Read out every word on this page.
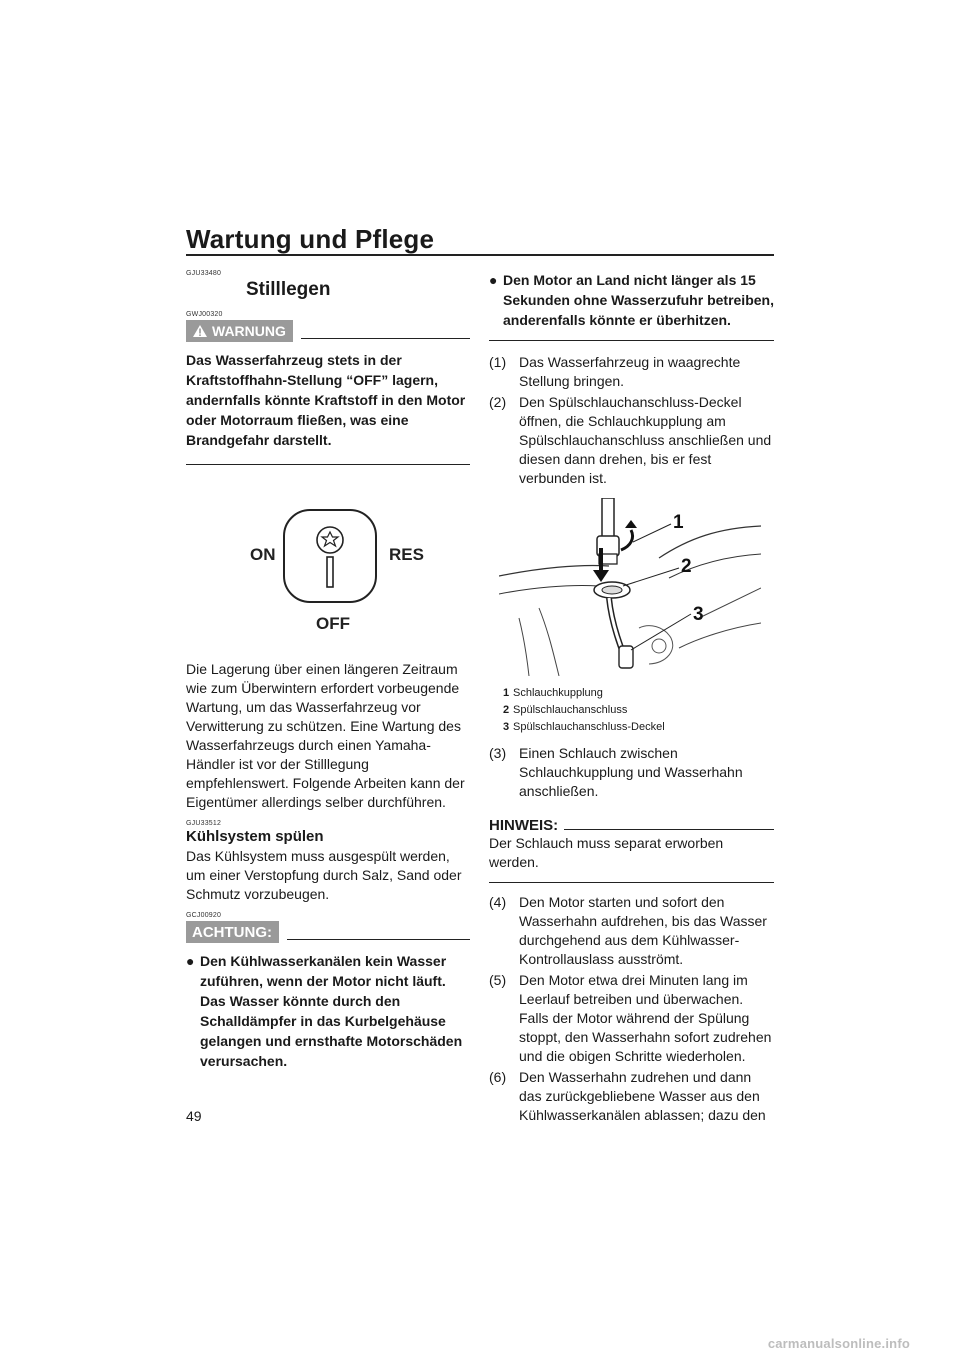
Wartung und Pflege
GJU33480
Stilllegen
GWJ00320
WARNUNG

Das Wasserfahrzeug stets in der Kraftstoffhahn-Stellung “OFF” lagern, andernfalls könnte Kraftstoff in den Motor oder Motorraum fließen, was eine Brandgefahr darstellt.

ON	RES
OFF

Die Lagerung über einen längeren Zeitraum wie zum Überwintern erfordert vorbeugende Wartung, um das Wasserfahrzeug vor Verwitterung zu schützen. Eine Wartung des Wasserfahrzeugs durch einen Yamaha-Händler ist vor der Stilllegung empfehlenswert. Folgende Arbeiten kann der Eigentümer allerdings selber durchführen.

GJU33512
Kühlsystem spülen

Das Kühlsystem muss ausgespült werden, um einer Verstopfung durch Salz, Sand oder Schmutz vorzubeugen.

GCJ00920
ACHTUNG:
● Den Kühlwasserkanälen kein Wasser zuführen, wenn der Motor nicht läuft. Das Wasser könnte durch den Schalldämpfer in das Kurbelgehäuse gelangen und ernsthafte Motorschäden verursachen.

● Den Motor an Land nicht länger als 15 Sekunden ohne Wasserzufuhr betreiben, anderenfalls könnte er überhitzen.

(1) Das Wasserfahrzeug in waagrechte Stellung bringen.
(2) Den Spülschlauchanschluss-Deckel öffnen, die Schlauchkupplung am Spülschlauchanschluss anschließen und diesen dann drehen, bis er fest verbunden ist.
1
2
3
1 Schlauchkupplung
2 Spülschlauchanschluss
3 Spülschlauchanschluss-Deckel
(3) Einen Schlauch zwischen Schlauchkupplung und Wasserhahn anschließen.
HINWEIS:

Der Schlauch muss separat erworben werden.

(4) Den Motor starten und sofort den Wasserhahn aufdrehen, bis das Wasser durchgehend aus dem Kühlwasser-Kontrollauslass ausströmt.
(5) Den Motor etwa drei Minuten lang im Leerlauf betreiben und überwachen. Falls der Motor während der Spülung stoppt, den Wasserhahn sofort zudrehen und die obigen Schritte wiederholen.
(6) Den Wasserhahn zudrehen und dann das zurückgebliebene Wasser aus den Kühlwasserkanälen ablassen; dazu den
49
carmanualsonline.info
